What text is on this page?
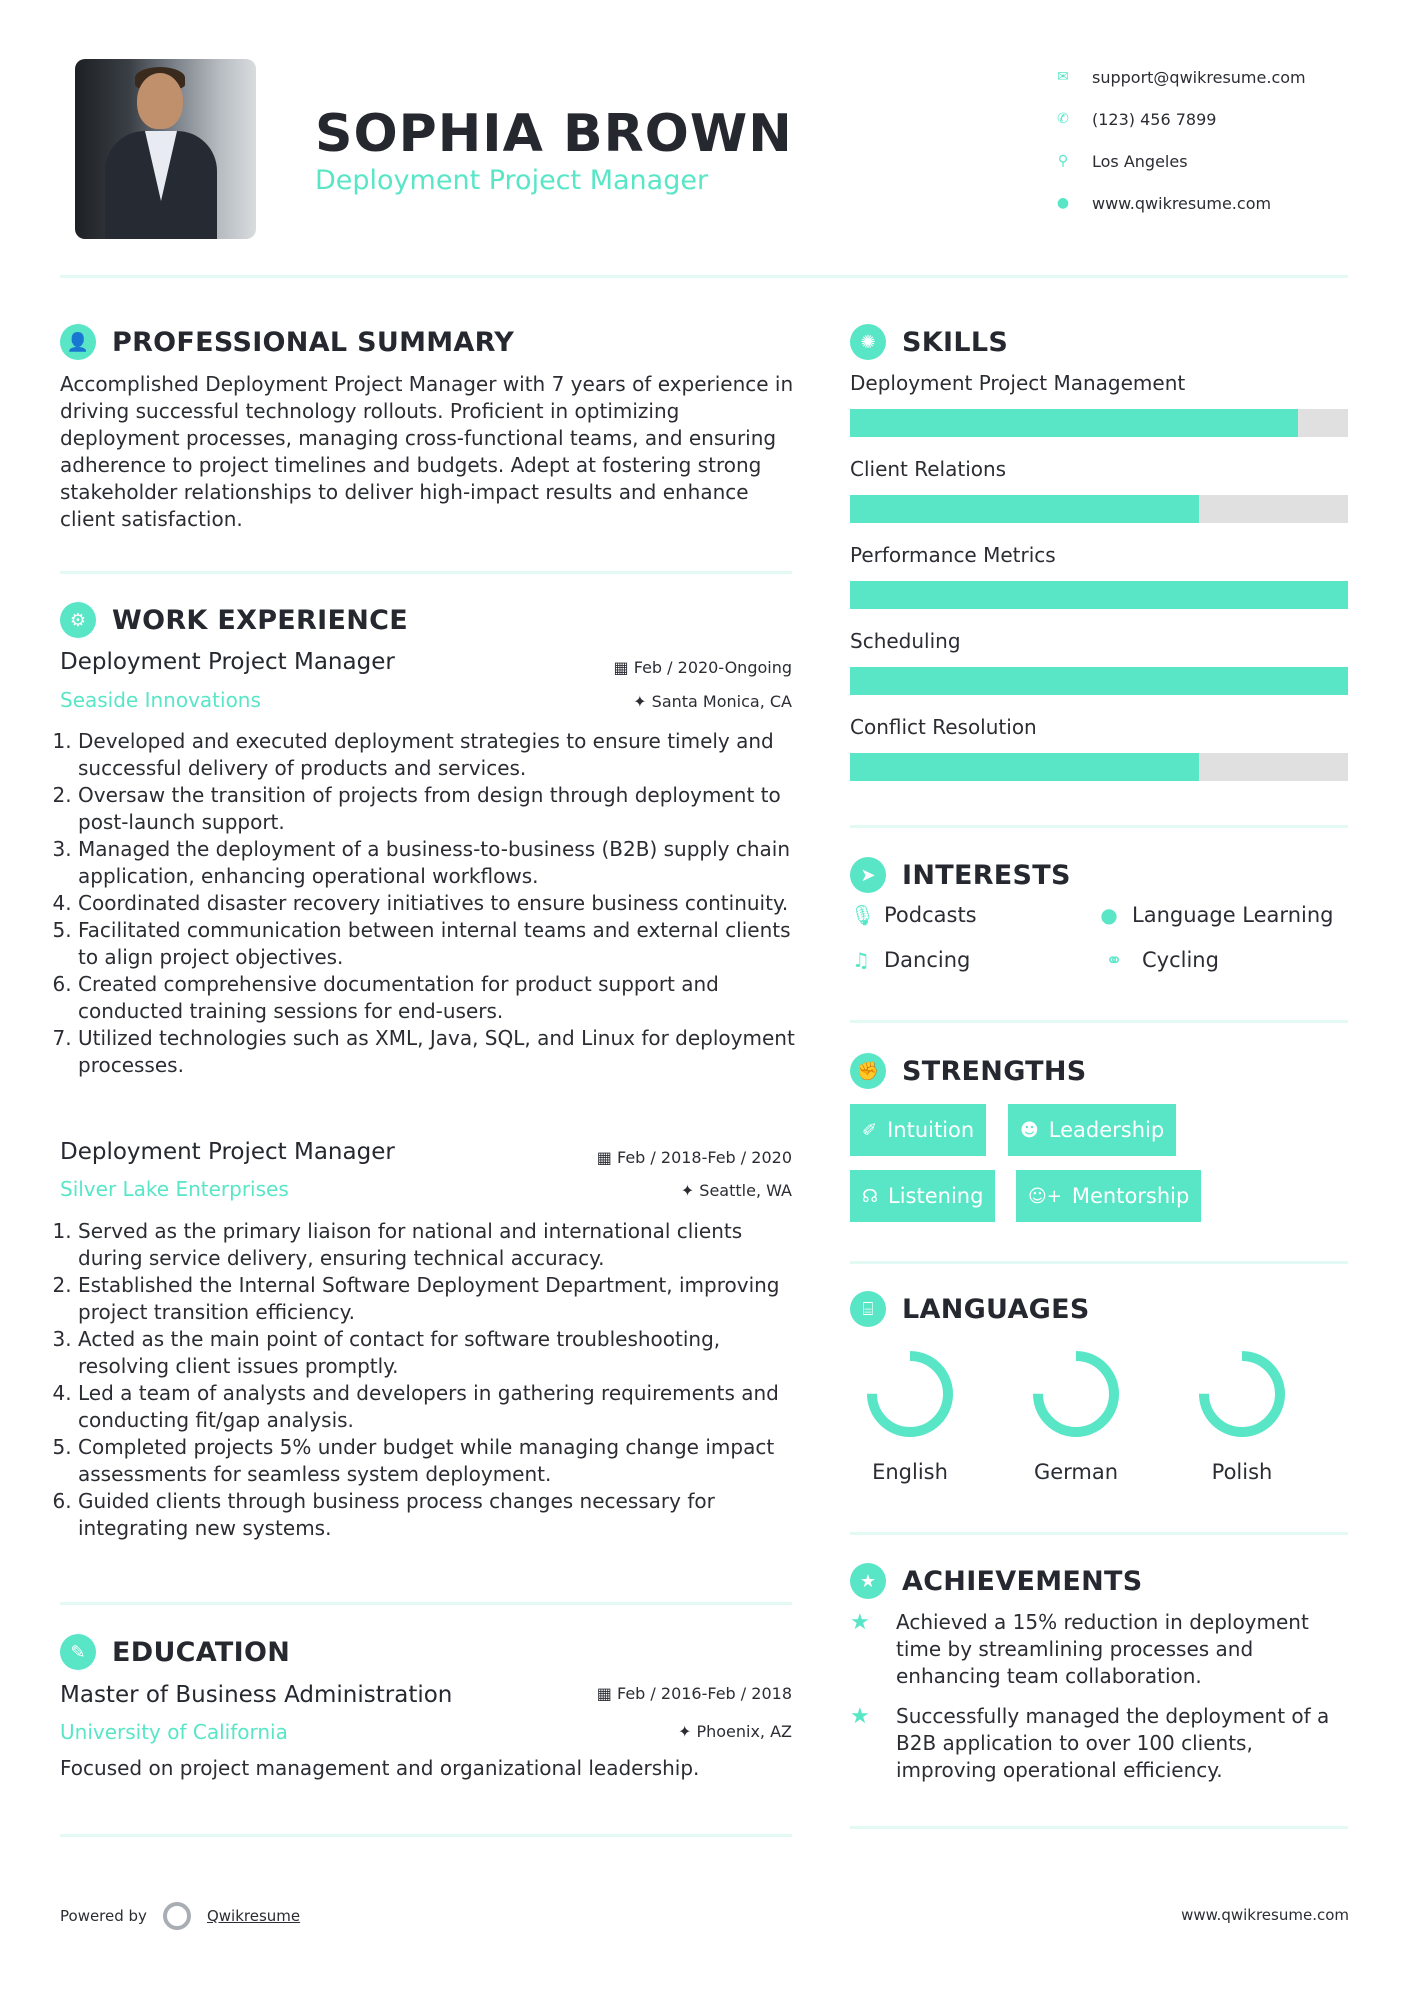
SOPHIA BROWN
Deployment Project Manager
✉	support@qwikresume.com
✆	(123) 456 7899
⚲	Los Angeles
●	www.qwikresume.com
👤 PROFESSIONAL SUMMARY
Accomplished Deployment Project Manager with 7 years of experience in driving successful technology rollouts. Proficient in optimizing deployment processes, managing cross-functional teams, and ensuring adherence to project timelines and budgets. Adept at fostering strong stakeholder relationships to deliver high-impact results and enhance client satisfaction.
⚙ WORK EXPERIENCE
Deployment Project Manager	▦ Feb / 2020-Ongoing
Seaside Innovations	✦ Santa Monica, CA
1. Developed and executed deployment strategies to ensure timely and successful delivery of products and services.
2. Oversaw the transition of projects from design through deployment to post-launch support.
3. Managed the deployment of a business-to-business (B2B) supply chain application, enhancing operational workflows.
4. Coordinated disaster recovery initiatives to ensure business continuity.
5. Facilitated communication between internal teams and external clients to align project objectives.
6. Created comprehensive documentation for product support and conducted training sessions for end-users.
7. Utilized technologies such as XML, Java, SQL, and Linux for deployment processes.
Deployment Project Manager	▦ Feb / 2018-Feb / 2020
Silver Lake Enterprises	✦ Seattle, WA
1. Served as the primary liaison for national and international clients during service delivery, ensuring technical accuracy.
2. Established the Internal Software Deployment Department, improving project transition efficiency.
3. Acted as the main point of contact for software troubleshooting, resolving client issues promptly.
4. Led a team of analysts and developers in gathering requirements and conducting fit/gap analysis.
5. Completed projects 5% under budget while managing change impact assessments for seamless system deployment.
6. Guided clients through business process changes necessary for integrating new systems.
✎ EDUCATION
Master of Business Administration	▦ Feb / 2016-Feb / 2018
University of California	✦ Phoenix, AZ
Focused on project management and organizational leadership.
✺ SKILLS
Deployment Project Management
Client Relations
Performance Metrics
Scheduling
Conflict Resolution
➤ INTERESTS
🎙 Podcasts	● Language Learning
♫ Dancing	⚭ Cycling
✊ STRENGTHS
✐ Intuition	☻ Leadership
☊ Listening ☺+ Mentorship
⌸	LANGUAGES
English	German	Polish
★ ACHIEVEMENTS
★	Achieved a 15% reduction in deployment time by streamlining processes and enhancing team collaboration.
★	Successfully managed the deployment of a B2B application to over 100 clients, improving operational efficiency.
Powered by	Qwikresume	www.qwikresume.com
